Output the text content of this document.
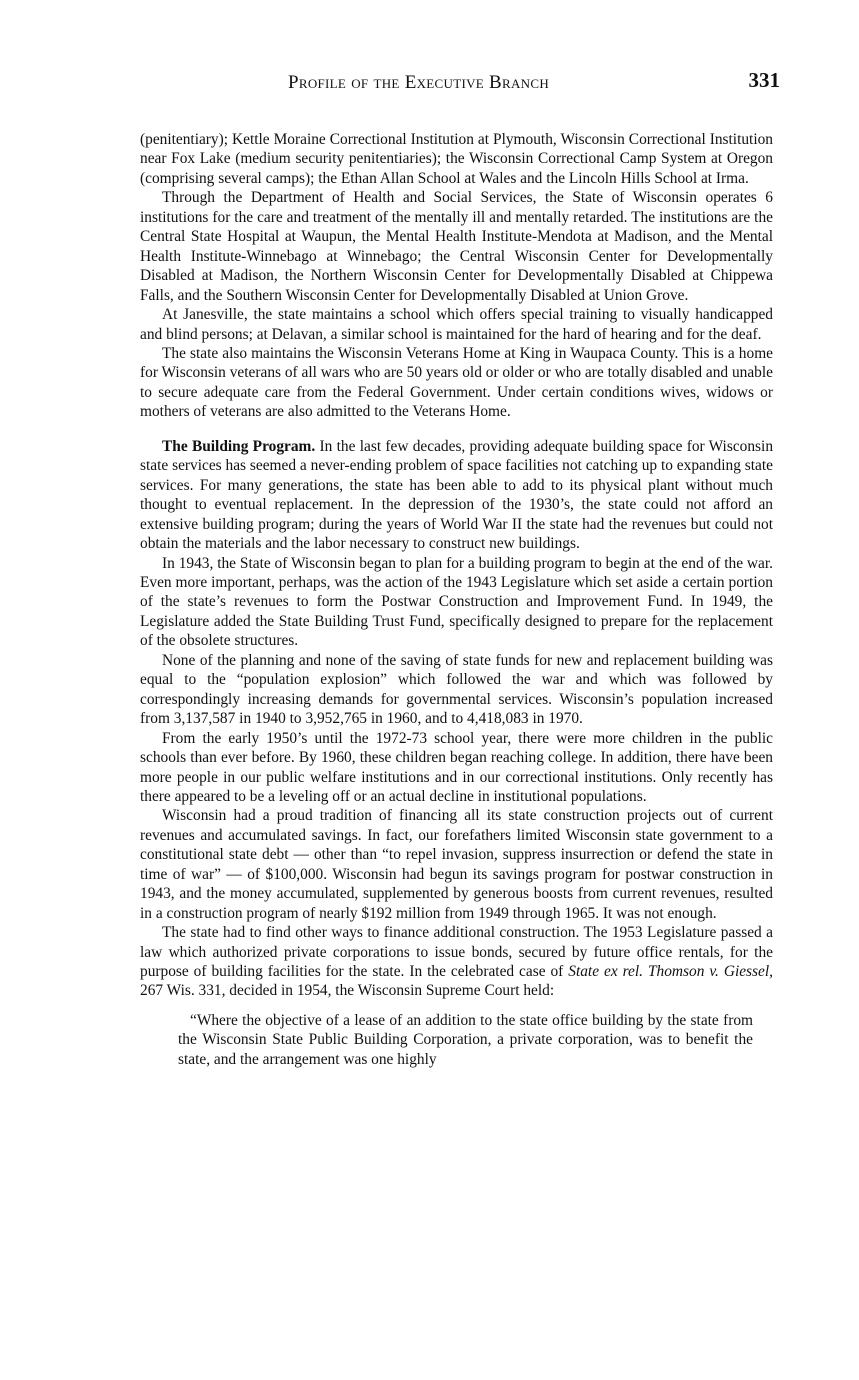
Profile of the Executive Branch	331

(penitentiary); Kettle Moraine Correctional Institution at Plymouth, Wisconsin Correctional Institution near Fox Lake (medium security penitentiaries); the Wisconsin Correctional Camp System at Oregon (comprising several camps); the Ethan Allan School at Wales and the Lincoln Hills School at Irma.

Through the Department of Health and Social Services, the State of Wisconsin operates 6 institutions for the care and treatment of the mentally ill and mentally retarded. The institutions are the Central State Hospital at Waupun, the Mental Health Institute-Mendota at Madison, and the Mental Health Institute-Winnebago at Winnebago; the Central Wisconsin Center for Developmentally Disabled at Madison, the Northern Wisconsin Center for Developmentally Disabled at Chippewa Falls, and the Southern Wisconsin Center for Developmentally Disabled at Union Grove.

At Janesville, the state maintains a school which offers special training to visually handicapped and blind persons; at Delavan, a similar school is maintained for the hard of hearing and for the deaf.

The state also maintains the Wisconsin Veterans Home at King in Waupaca County. This is a home for Wisconsin veterans of all wars who are 50 years old or older or who are totally disabled and unable to secure adequate care from the Federal Government. Under certain conditions wives, widows or mothers of veterans are also admitted to the Veterans Home.

The Building Program. In the last few decades, providing adequate building space for Wisconsin state services has seemed a never-ending problem of space facilities not catching up to expanding state services. For many generations, the state has been able to add to its physical plant without much thought to eventual replacement. In the depression of the 1930’s, the state could not afford an extensive building program; during the years of World War II the state had the revenues but could not obtain the materials and the labor necessary to construct new buildings.

In 1943, the State of Wisconsin began to plan for a building program to begin at the end of the war. Even more important, perhaps, was the action of the 1943 Legislature which set aside a certain portion of the state’s revenues to form the Postwar Construction and Improvement Fund. In 1949, the Legislature added the State Building Trust Fund, specifically designed to prepare for the replacement of the obsolete structures.

None of the planning and none of the saving of state funds for new and replacement building was equal to the “population explosion” which followed the war and which was followed by correspondingly increasing demands for governmental services. Wisconsin’s population increased from 3,137,587 in 1940 to 3,952,765 in 1960, and to 4,418,083 in 1970.

From the early 1950’s until the 1972-73 school year, there were more children in the public schools than ever before. By 1960, these children began reaching college. In addition, there have been more people in our public welfare institutions and in our correctional institutions. Only recently has there appeared to be a leveling off or an actual decline in institutional populations.

Wisconsin had a proud tradition of financing all its state construction projects out of current revenues and accumulated savings. In fact, our forefathers limited Wisconsin state government to a constitutional state debt — other than “to repel invasion, suppress insurrection or defend the state in time of war” — of $100,000. Wisconsin had begun its savings program for postwar construction in 1943, and the money accumulated, supplemented by generous boosts from current revenues, resulted in a construction program of nearly $192 million from 1949 through 1965. It was not enough.

The state had to find other ways to finance additional construction. The 1953 Legislature passed a law which authorized private corporations to issue bonds, secured by future office rentals, for the purpose of building facilities for the state. In the celebrated case of State ex rel. Thomson v. Giessel, 267 Wis. 331, decided in 1954, the Wisconsin Supreme Court held:

“Where the objective of a lease of an addition to the state office building by the state from the Wisconsin State Public Building Corporation, a private corporation, was to benefit the state, and the arrangement was one highly
